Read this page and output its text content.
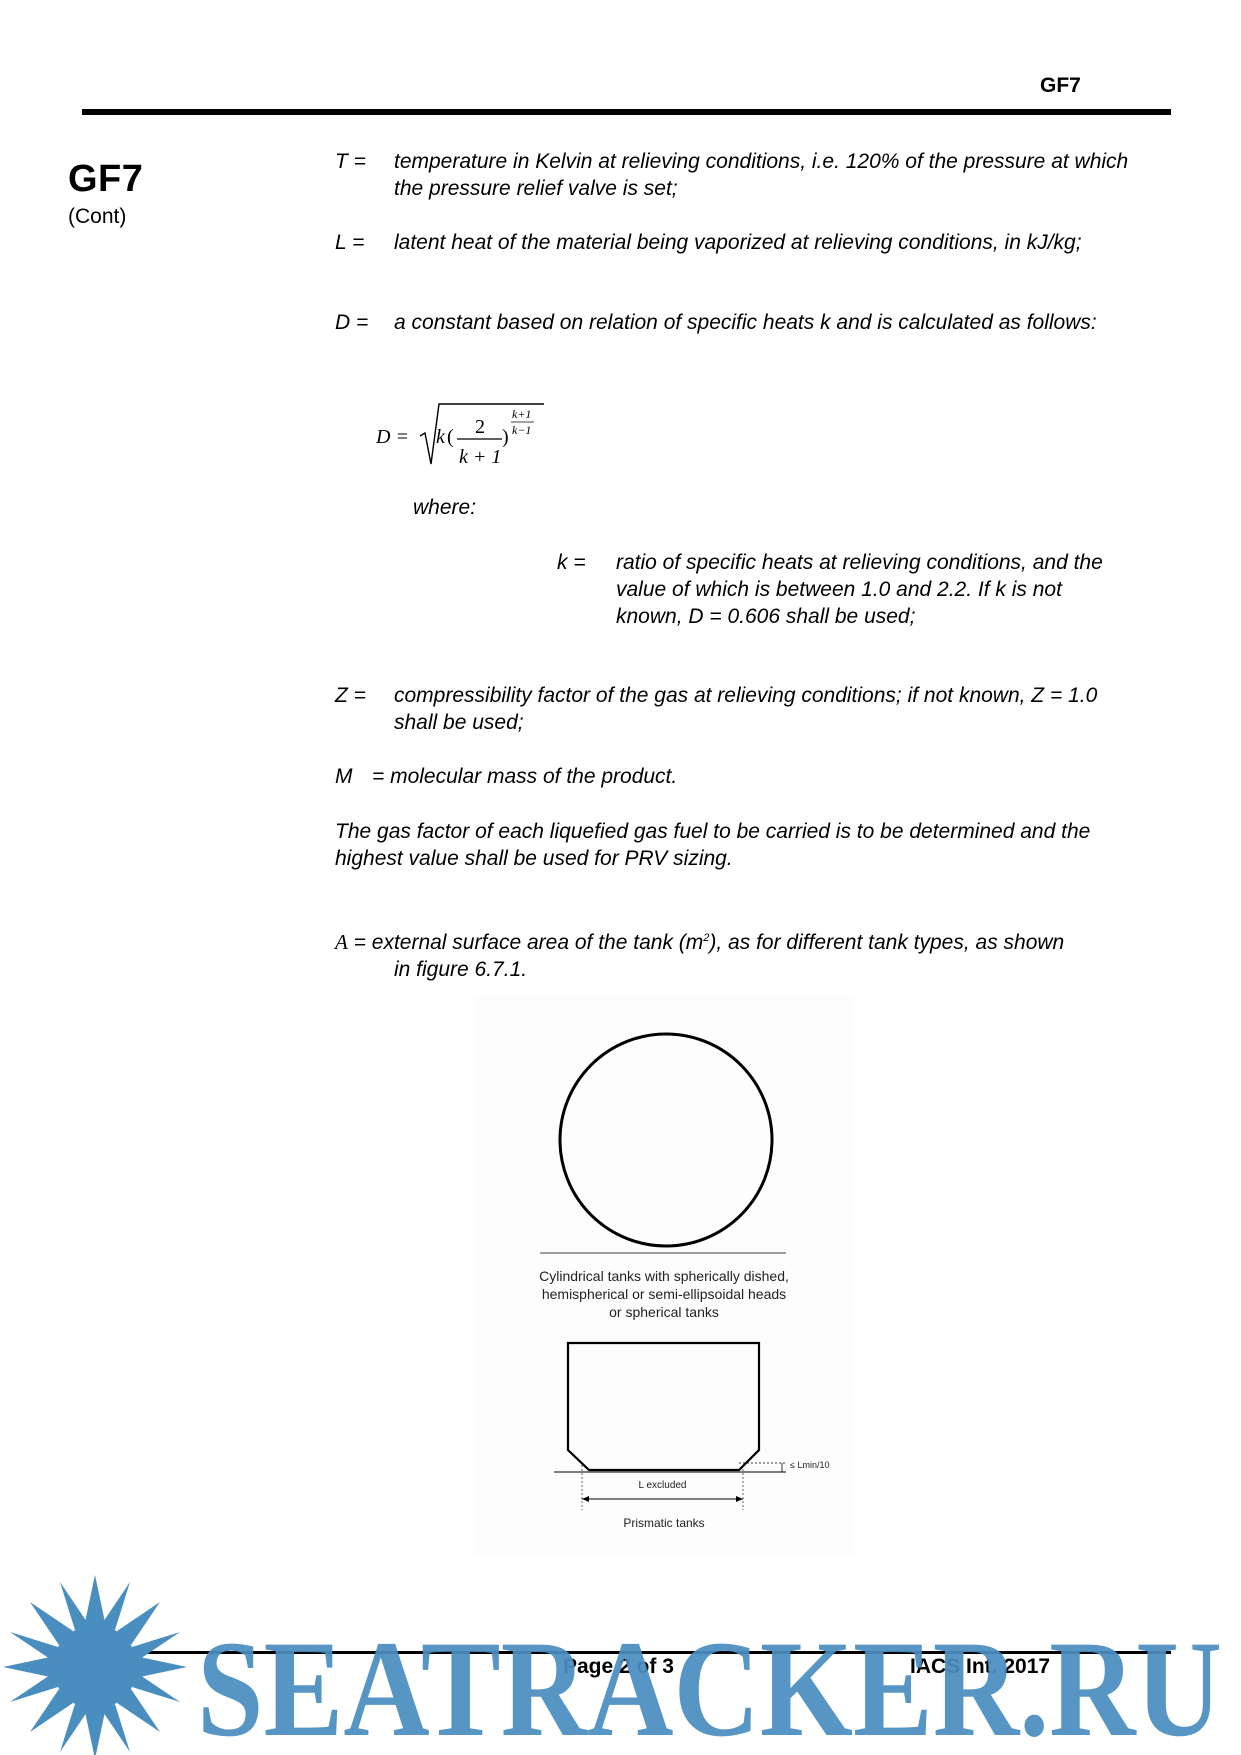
GF7
GF7
(Cont)
T = temperature in Kelvin at relieving conditions, i.e. 120% of the pressure at which the pressure relief valve is set;
L = latent heat of the material being vaporized at relieving conditions, in kJ/kg;
D = a constant based on relation of specific heats k and is calculated as follows:
D = k ( 2
k + 1
)
k+1
k−1
where:
k = ratio of specific heats at relieving conditions, and the value of which is between 1.0 and 2.2. If k is not known, D = 0.606 shall be used;
Z = compressibility factor of the gas at relieving conditions; if not known, Z = 1.0 shall be used;
M = molecular mass of the product.
The gas factor of each liquefied gas fuel to be carried is to be determined and the highest value shall be used for PRV sizing.
A = external surface area of the tank $(m^2)$, as for different tank types, as shown
in figure 6.7.1.
Cylindrical tanks with spherically dished,
hemispherical or semi-ellipsoidal heads
or spherical tanks
≤ Lmin/10
L excluded
Prismatic tanks
Page 2 of 3	IACS Int. 2017
SEATRACKER.RU
